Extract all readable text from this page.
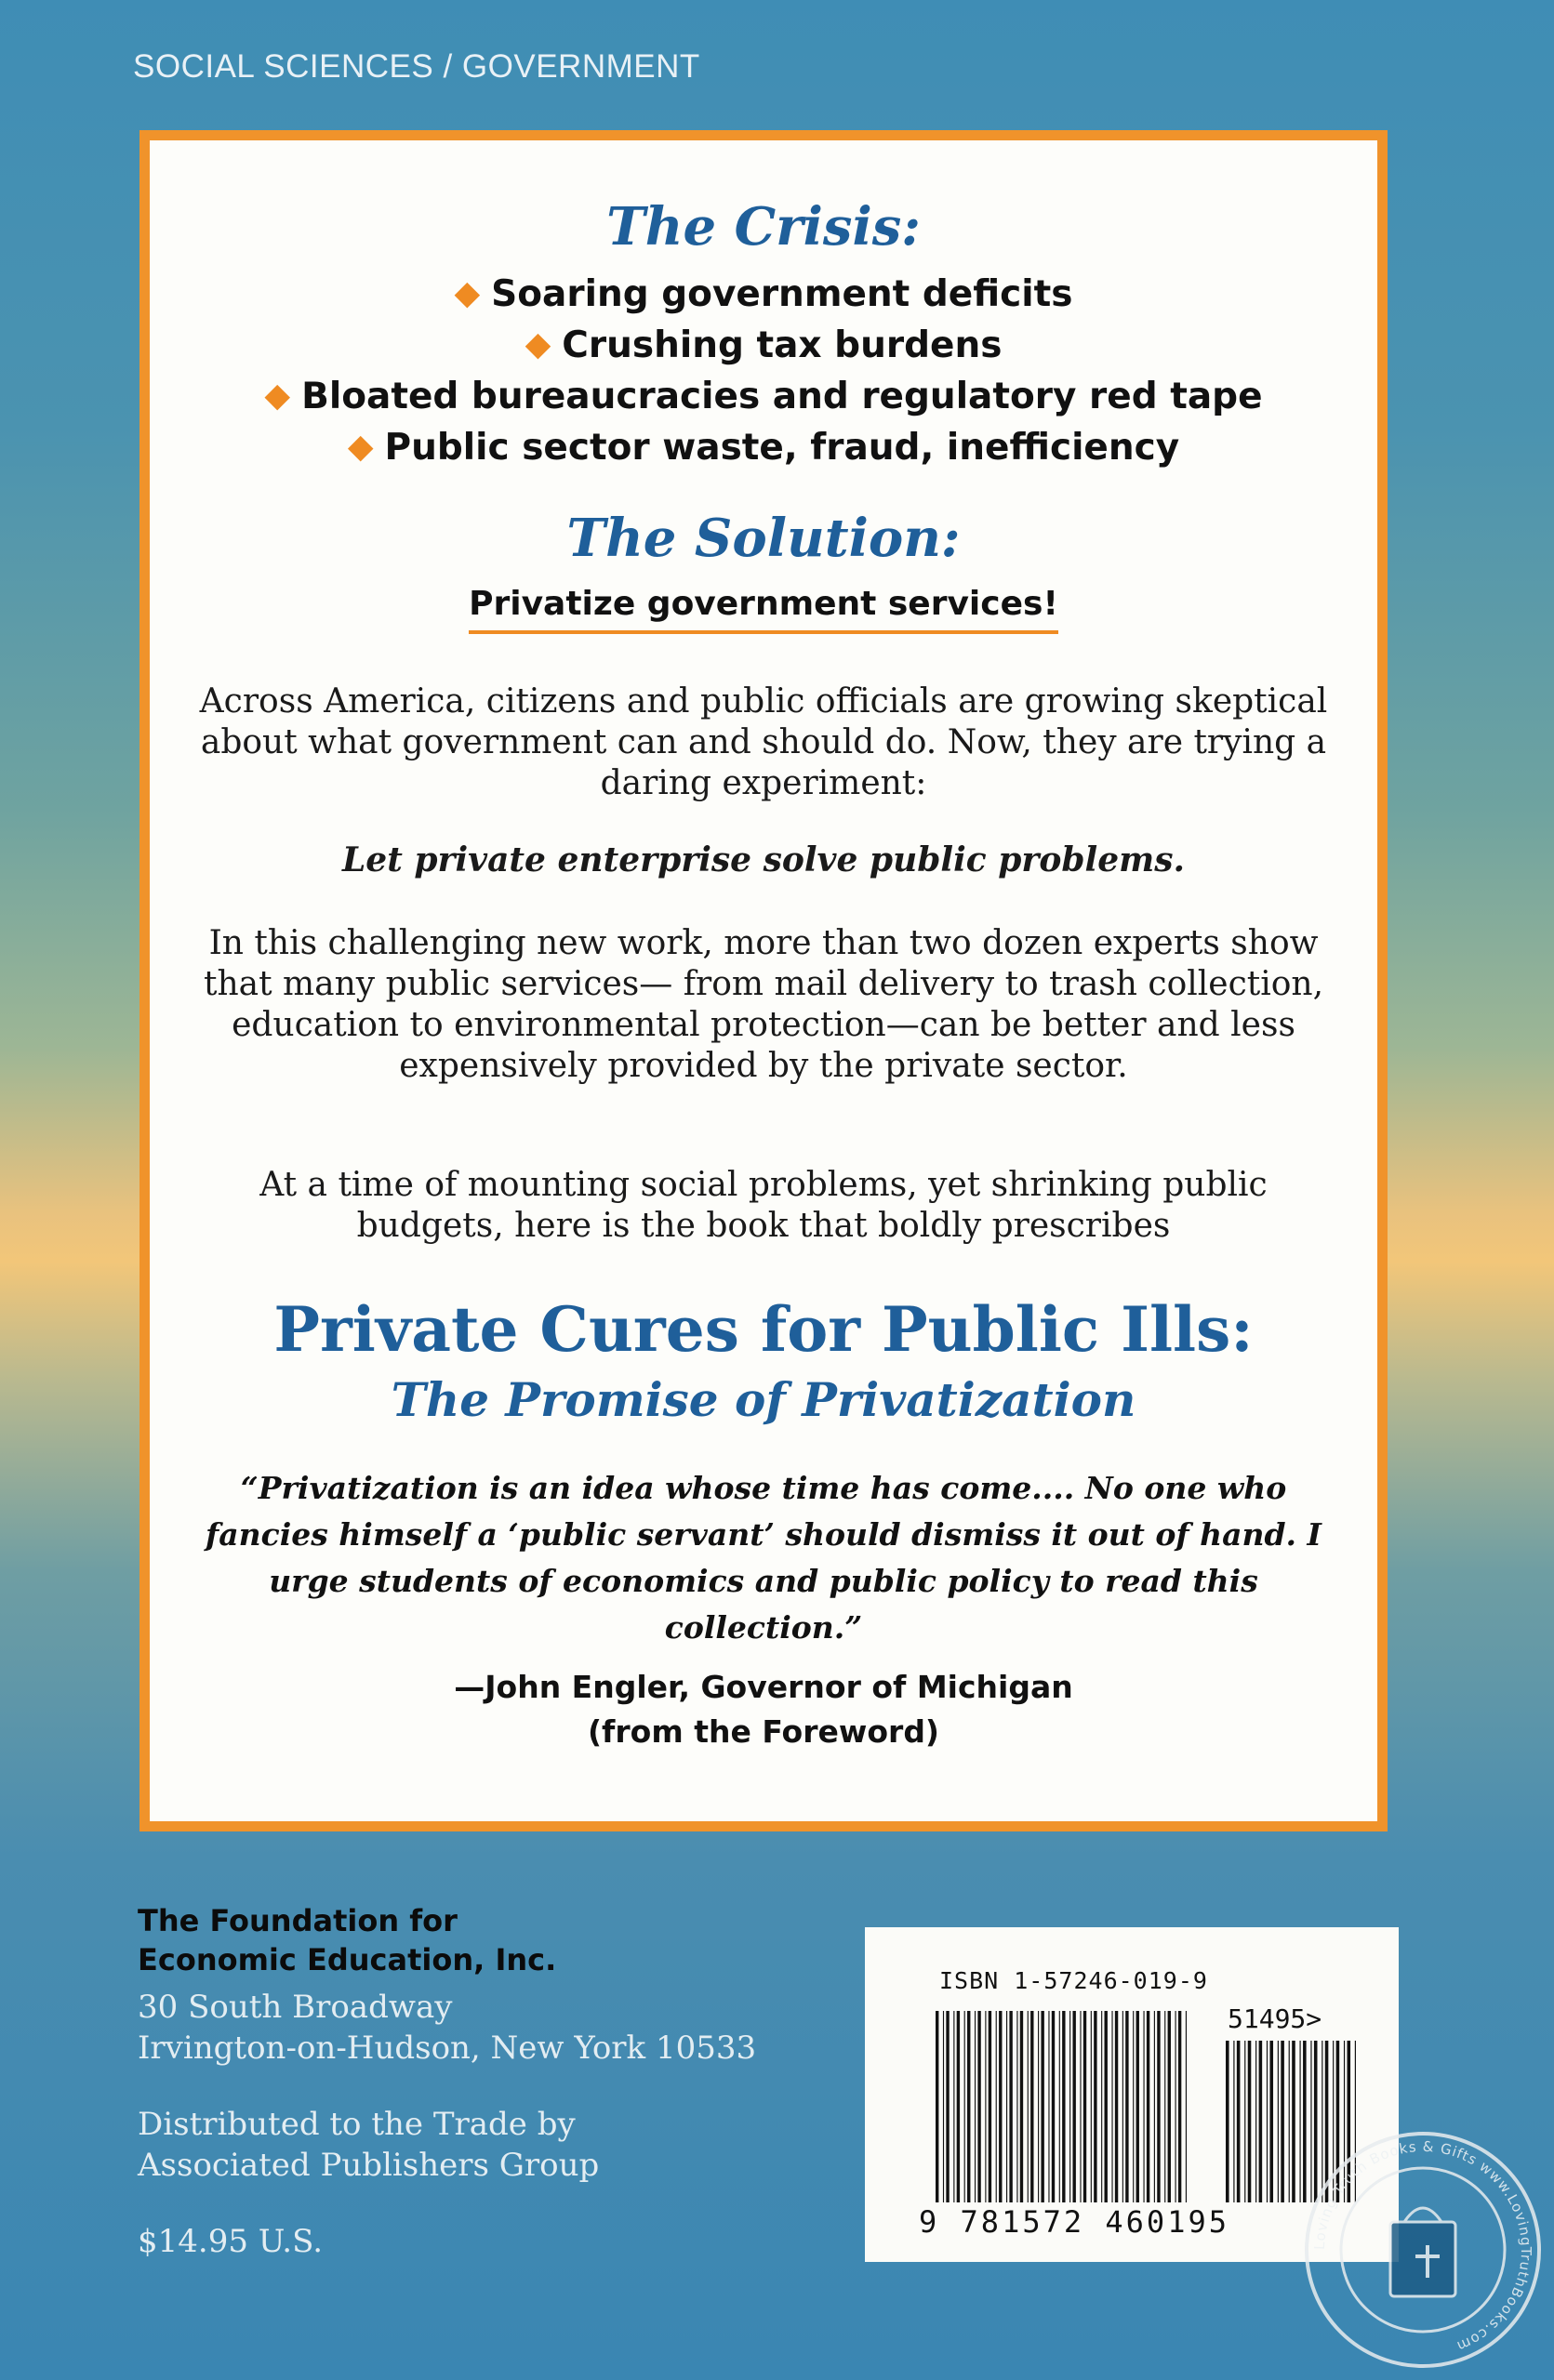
SOCIAL SCIENCES / GOVERNMENT
The Crisis:
◆ Soaring government deficits
◆ Crushing tax burdens
◆ Bloated bureaucracies and regulatory red tape
◆ Public sector waste, fraud, inefficiency
The Solution:
Privatize government services!
Across America, citizens and public officials are growing skeptical about what government can and should do. Now, they are trying a daring experiment:
Let private enterprise solve public problems.
In this challenging new work, more than two dozen experts show that many public services— from mail delivery to trash collection, education to environmental protection—can be better and less expensively provided by the private sector.
At a time of mounting social problems, yet shrinking public budgets, here is the book that boldly prescribes
Private Cures for Public Ills:
The Promise of Privatization
“Privatization is an idea whose time has come.... No one who fancies himself a ‘public servant’ should dismiss it out of hand. I urge students of economics and public policy to read this collection.”
—John Engler, Governor of Michigan
(from the Foreword)
The Foundation for
Economic Education, Inc.
30 South Broadway
Irvington-on-Hudson, New York 10533
Distributed to the Trade by
Associated Publishers Group
$14.95 U.S.
ISBN 1-57246-019-9
51495>
9 781572 460195
Loving Truth Books & Gifts www.LovingTruthBooks.com
